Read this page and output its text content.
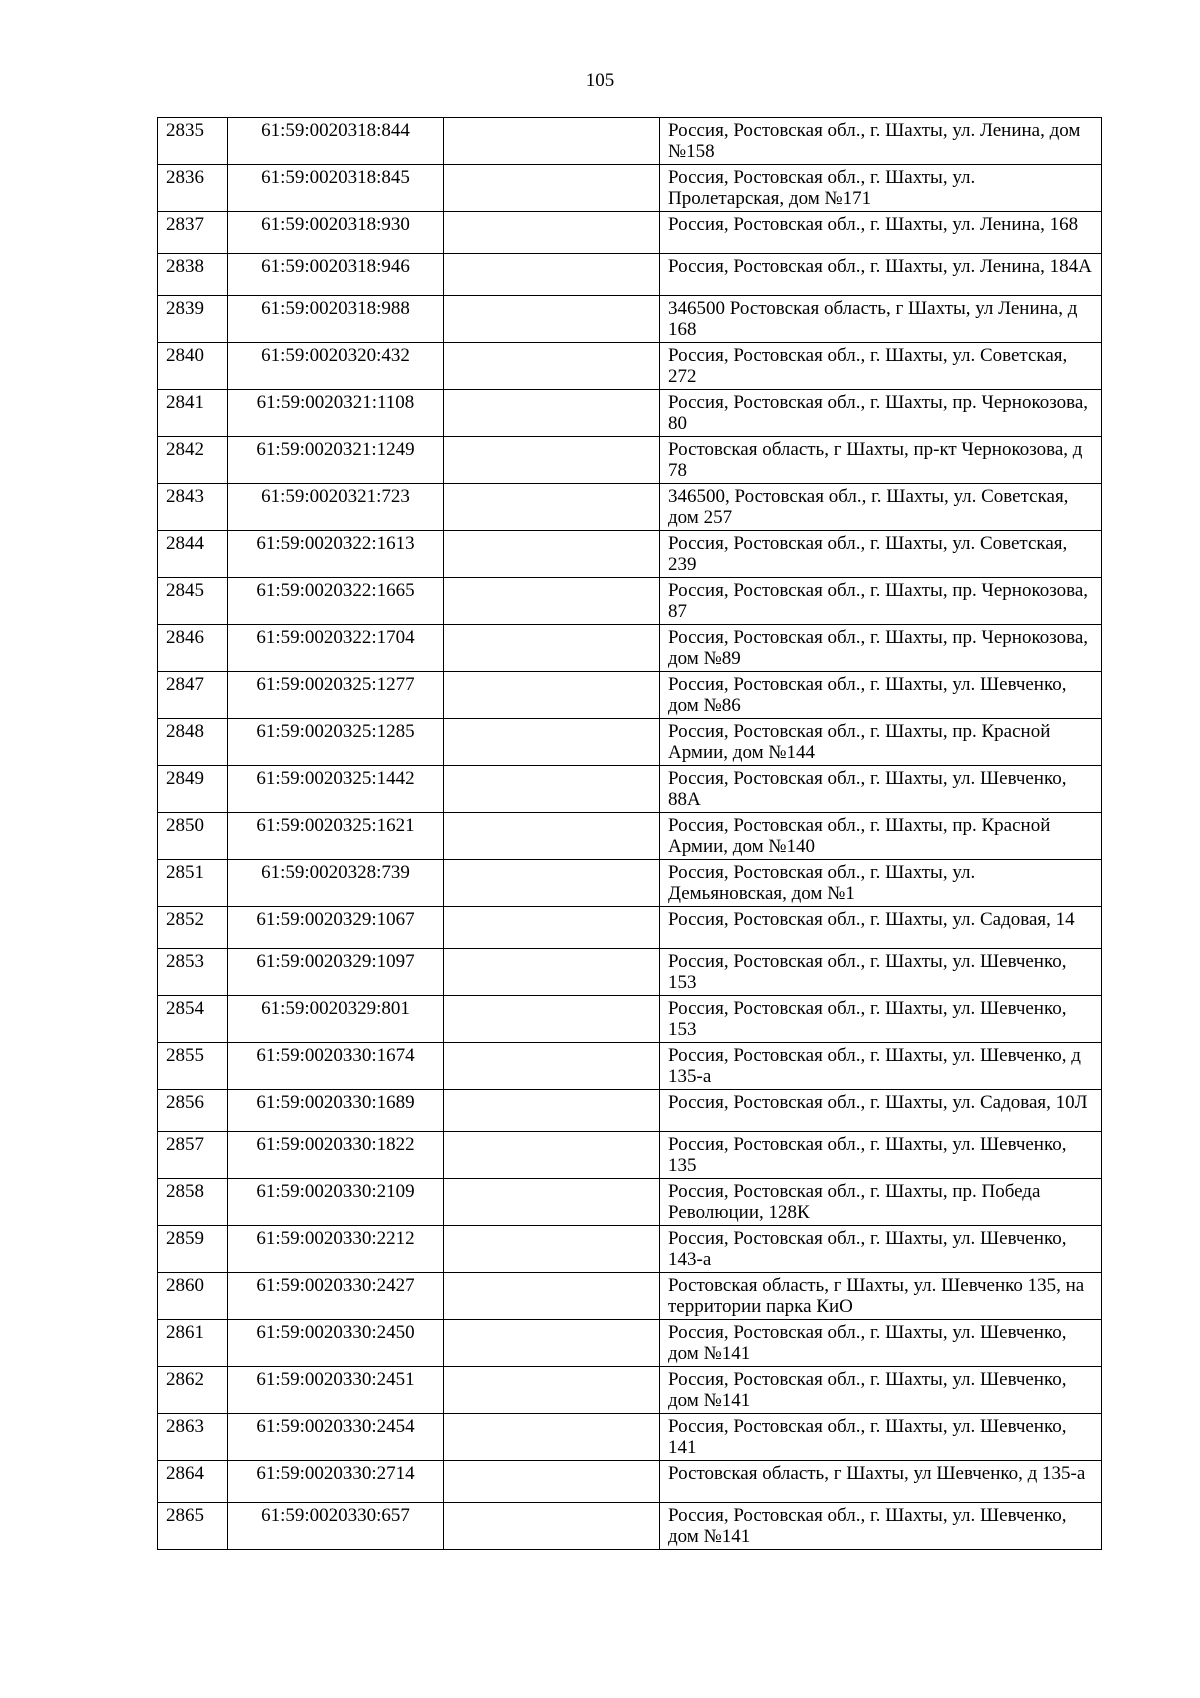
105
2835	61:59:0020318:844		Россия, Ростовская обл., г. Шахты, ул. Ленина, дом №158
2836	61:59:0020318:845		Россия, Ростовская обл., г. Шахты, ул. Пролетарская, дом №171
2837	61:59:0020318:930		Россия, Ростовская обл., г. Шахты, ул. Ленина, 168
2838	61:59:0020318:946		Россия, Ростовская обл., г. Шахты, ул. Ленина, 184А
2839	61:59:0020318:988		346500 Ростовская область, г Шахты, ул Ленина, д 168
2840	61:59:0020320:432		Россия, Ростовская обл., г. Шахты, ул. Советская, 272
2841	61:59:0020321:1108		Россия, Ростовская обл., г. Шахты, пр. Чернокозова, 80
2842	61:59:0020321:1249		Ростовская область, г Шахты, пр-кт Чернокозова, д 78
2843	61:59:0020321:723		346500, Ростовская обл., г. Шахты, ул. Советская, дом 257
2844	61:59:0020322:1613		Россия, Ростовская обл., г. Шахты, ул. Советская, 239
2845	61:59:0020322:1665		Россия, Ростовская обл., г. Шахты, пр. Чернокозова, 87
2846	61:59:0020322:1704		Россия, Ростовская обл., г. Шахты, пр. Чернокозова, дом №89
2847	61:59:0020325:1277		Россия, Ростовская обл., г. Шахты, ул. Шевченко, дом №86
2848	61:59:0020325:1285		Россия, Ростовская обл., г. Шахты, пр. Красной Армии, дом №144
2849	61:59:0020325:1442		Россия, Ростовская обл., г. Шахты, ул. Шевченко, 88А
2850	61:59:0020325:1621		Россия, Ростовская обл., г. Шахты, пр. Красной Армии, дом №140
2851	61:59:0020328:739		Россия, Ростовская обл., г. Шахты, ул. Демьяновская, дом №1
2852	61:59:0020329:1067		Россия, Ростовская обл., г. Шахты, ул. Садовая, 14
2853	61:59:0020329:1097		Россия, Ростовская обл., г. Шахты, ул. Шевченко, 153
2854	61:59:0020329:801		Россия, Ростовская обл., г. Шахты, ул. Шевченко, 153
2855	61:59:0020330:1674		Россия, Ростовская обл., г. Шахты, ул. Шевченко, д 135-а
2856	61:59:0020330:1689		Россия, Ростовская обл., г. Шахты, ул. Садовая, 10Л
2857	61:59:0020330:1822		Россия, Ростовская обл., г. Шахты, ул. Шевченко, 135
2858	61:59:0020330:2109		Россия, Ростовская обл., г. Шахты, пр. Победа Революции, 128К
2859	61:59:0020330:2212		Россия, Ростовская обл., г. Шахты, ул. Шевченко, 143-а
2860	61:59:0020330:2427		Ростовская область, г Шахты, ул. Шевченко 135, на территории парка КиО
2861	61:59:0020330:2450		Россия, Ростовская обл., г. Шахты, ул. Шевченко, дом №141
2862	61:59:0020330:2451		Россия, Ростовская обл., г. Шахты, ул. Шевченко, дом №141
2863	61:59:0020330:2454		Россия, Ростовская обл., г. Шахты, ул. Шевченко, 141
2864	61:59:0020330:2714		Ростовская область, г Шахты, ул Шевченко, д 135-а
2865	61:59:0020330:657		Россия, Ростовская обл., г. Шахты, ул. Шевченко, дом №141
